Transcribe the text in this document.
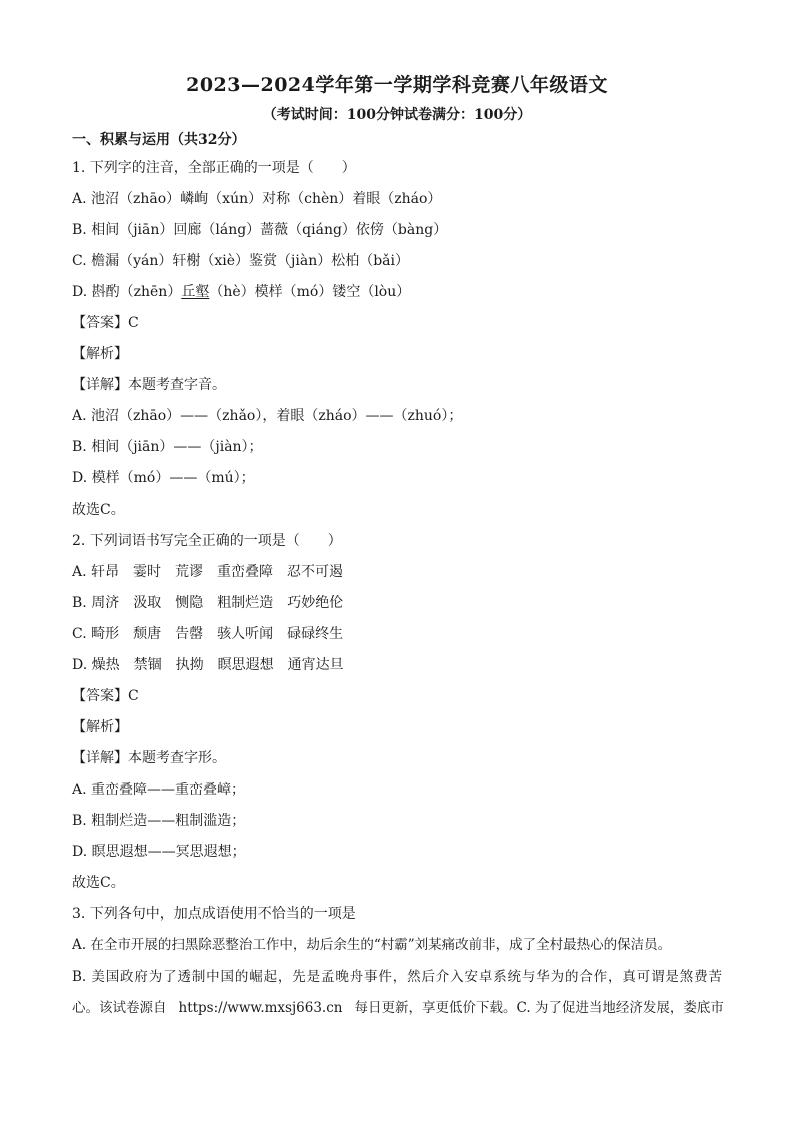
2023—2024学年第一学期学科竞赛八年级语文
（考试时间：100分钟试卷满分：100分）
一、积累与运用（共32分）
1. 下列字的注音，全部正确的一项是（　　）
A. 池沼（zhāo）嶙峋（xún）对称（chèn）着眼（zháo）
B. 相间（jiān）回廊（láng）蔷薇（qiáng）依傍（bàng）
C. 檐漏（yán）轩榭（xiè）鉴赏（jiàn）松柏（bǎi）
D. 斟酌（zhēn）丘壑（hè）模样（mó）镂空（lòu）
【答案】C
【解析】
【详解】本题考查字音。
A. 池沼（zhāo）——（zhǎo），着眼（zháo）——（zhuó）；
B. 相间（jiān）——（jiàn）；
D. 模样（mó）——（mú）；
故选C。
2. 下列词语书写完全正确的一项是（　　）
A. 轩昂　霎时　荒谬　重峦叠障　忍不可遏
B. 周济　汲取　恻隐　粗制烂造　巧妙绝伦
C. 畸形　颓唐　告罄　骇人听闻　碌碌终生
D. 燥热　禁锢　执拗　瞑思遐想　通宵达旦
【答案】C
【解析】
【详解】本题考查字形。
A. 重峦叠障——重峦叠嶂；
B. 粗制烂造——粗制滥造；
D. 瞑思遐想——冥思遐想；
故选C。
3. 下列各句中，加点成语使用不恰当的一项是
A. 在全市开展的扫黑除恶整治工作中，劫后余生的“村霸”刘某痛改前非，成了全村最热心的保洁员。
B. 美国政府为了透制中国的崛起，先是孟晚舟事件，然后介入安卓系统与华为的合作，真可谓是煞费苦
心。该试卷源自 https://www.mxsj663.cn 每日更新，享更低价下载。C. 为了促进当地经济发展，娄底市
